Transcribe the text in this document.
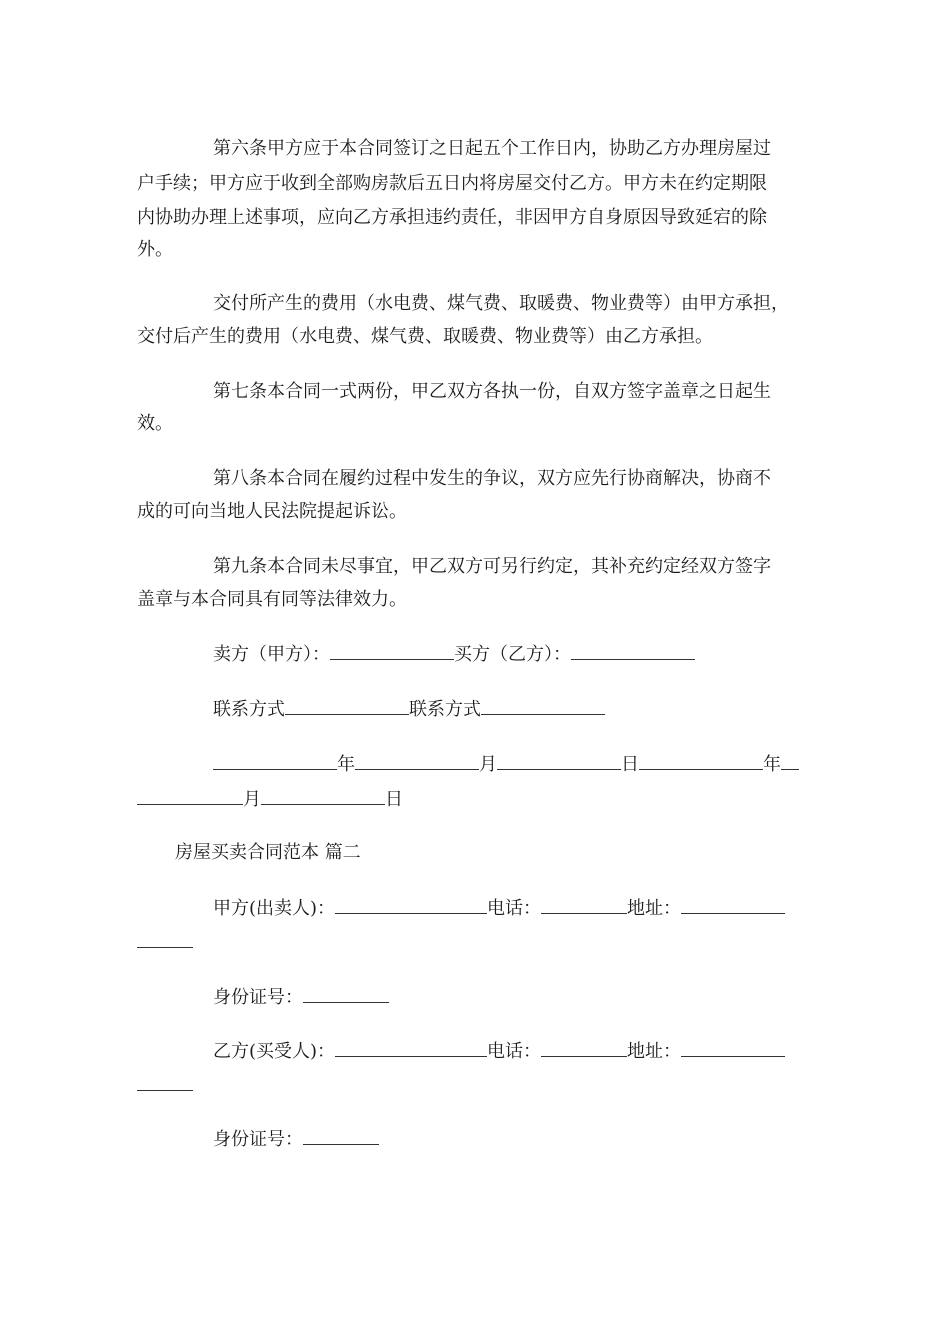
第六条甲方应于本合同签订之日起五个工作日内，协助乙方办理房屋过
户手续；甲方应于收到全部购房款后五日内将房屋交付乙方。甲方未在约定期限
内协助办理上述事项，应向乙方承担违约责任，非因甲方自身原因导致延宕的除
外。
交付所产生的费用（水电费、煤气费、取暖费、物业费等）由甲方承担，
交付后产生的费用（水电费、煤气费、取暖费、物业费等）由乙方承担。
第七条本合同一式两份，甲乙双方各执一份，自双方签字盖章之日起生
效。
第八条本合同在履约过程中发生的争议，双方应先行协商解决，协商不
成的可向当地人民法院提起诉讼。
第九条本合同未尽事宜，甲乙双方可另行约定，其补充约定经双方签字
盖章与本合同具有同等法律效力。
卖方（甲方）：	买方（乙方）：
联系方式	联系方式
年	月	日	年
月	日
房屋买卖合同范本 篇二
甲方(出卖人)：	电话：	地址：
身份证号：
乙方(买受人)：	电话：	地址：
身份证号：
